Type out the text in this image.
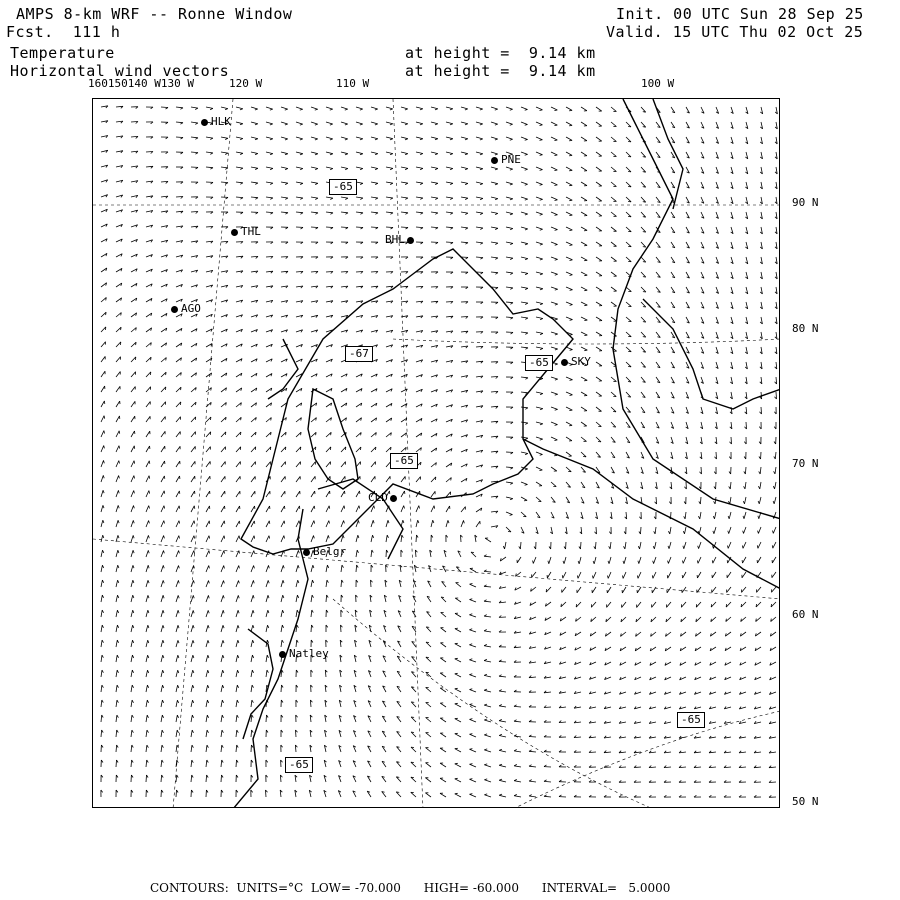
AMPS 8-km WRF -- Ronne Window
Fcst.  111 h
Temperature
Horizontal wind vectors
at height =  9.14 km
at height =  9.14 km
Init. 00 UTC Sun 28 Sep 25
Valid. 15 UTC Thu 02 Oct 25
160150140 W130 W	120 W	110 W	100 W
90 N
80 N
70 N
60 N
50 N
HLK
PNE
THL
BHL
AGO
SKY
CLD
Belgr
Natley
-65
-67
-65
-65
-65
-65
CONTOURS:  UNITS=°C  LOW= -70.000      HIGH= -60.000      INTERVAL=   5.0000
